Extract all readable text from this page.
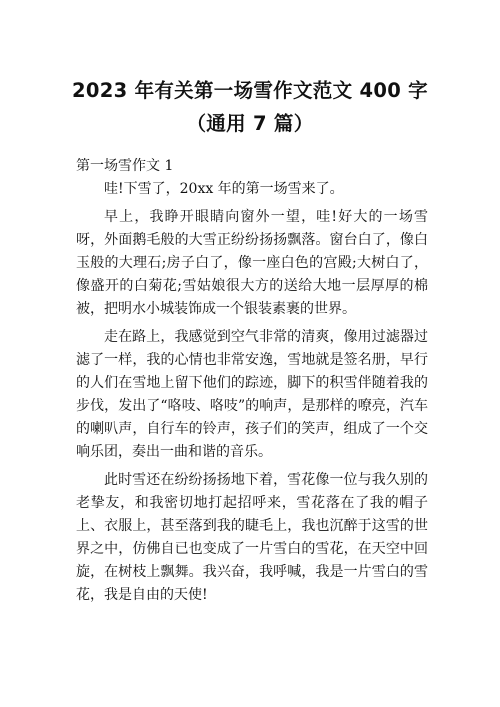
2023 年有关第一场雪作文范文 400 字（通用 7 篇）
第一场雪作文 1

哇!下雪了，20xx 年的第一场雪来了。

早上，我睁开眼睛向窗外一望，哇!好大的一场雪呀，外面鹅毛般的大雪正纷纷扬扬飘落。窗台白了，像白玉般的大理石;房子白了，像一座白色的宫殿;大树白了，像盛开的白菊花;雪姑娘很大方的送给大地一层厚厚的棉被，把明水小城装饰成一个银装素裹的世界。

走在路上，我感觉到空气非常的清爽，像用过滤器过滤了一样，我的心情也非常安逸，雪地就是签名册，早行的人们在雪地上留下他们的踪迹，脚下的积雪伴随着我的步伐，发出了“咯吱、咯吱”的响声，是那样的嘹亮，汽车的喇叭声，自行车的铃声，孩子们的笑声，组成了一个交响乐团，奏出一曲和谐的音乐。

此时雪还在纷纷扬扬地下着，雪花像一位与我久别的老挚友，和我密切地打起招呼来，雪花落在了我的帽子上、衣服上，甚至落到我的睫毛上，我也沉醉于这雪的世界之中，仿佛自已也变成了一片雪白的雪花，在天空中回旋，在树枝上飘舞。我兴奋，我呼喊，我是一片雪白的雪花，我是自由的天使!
